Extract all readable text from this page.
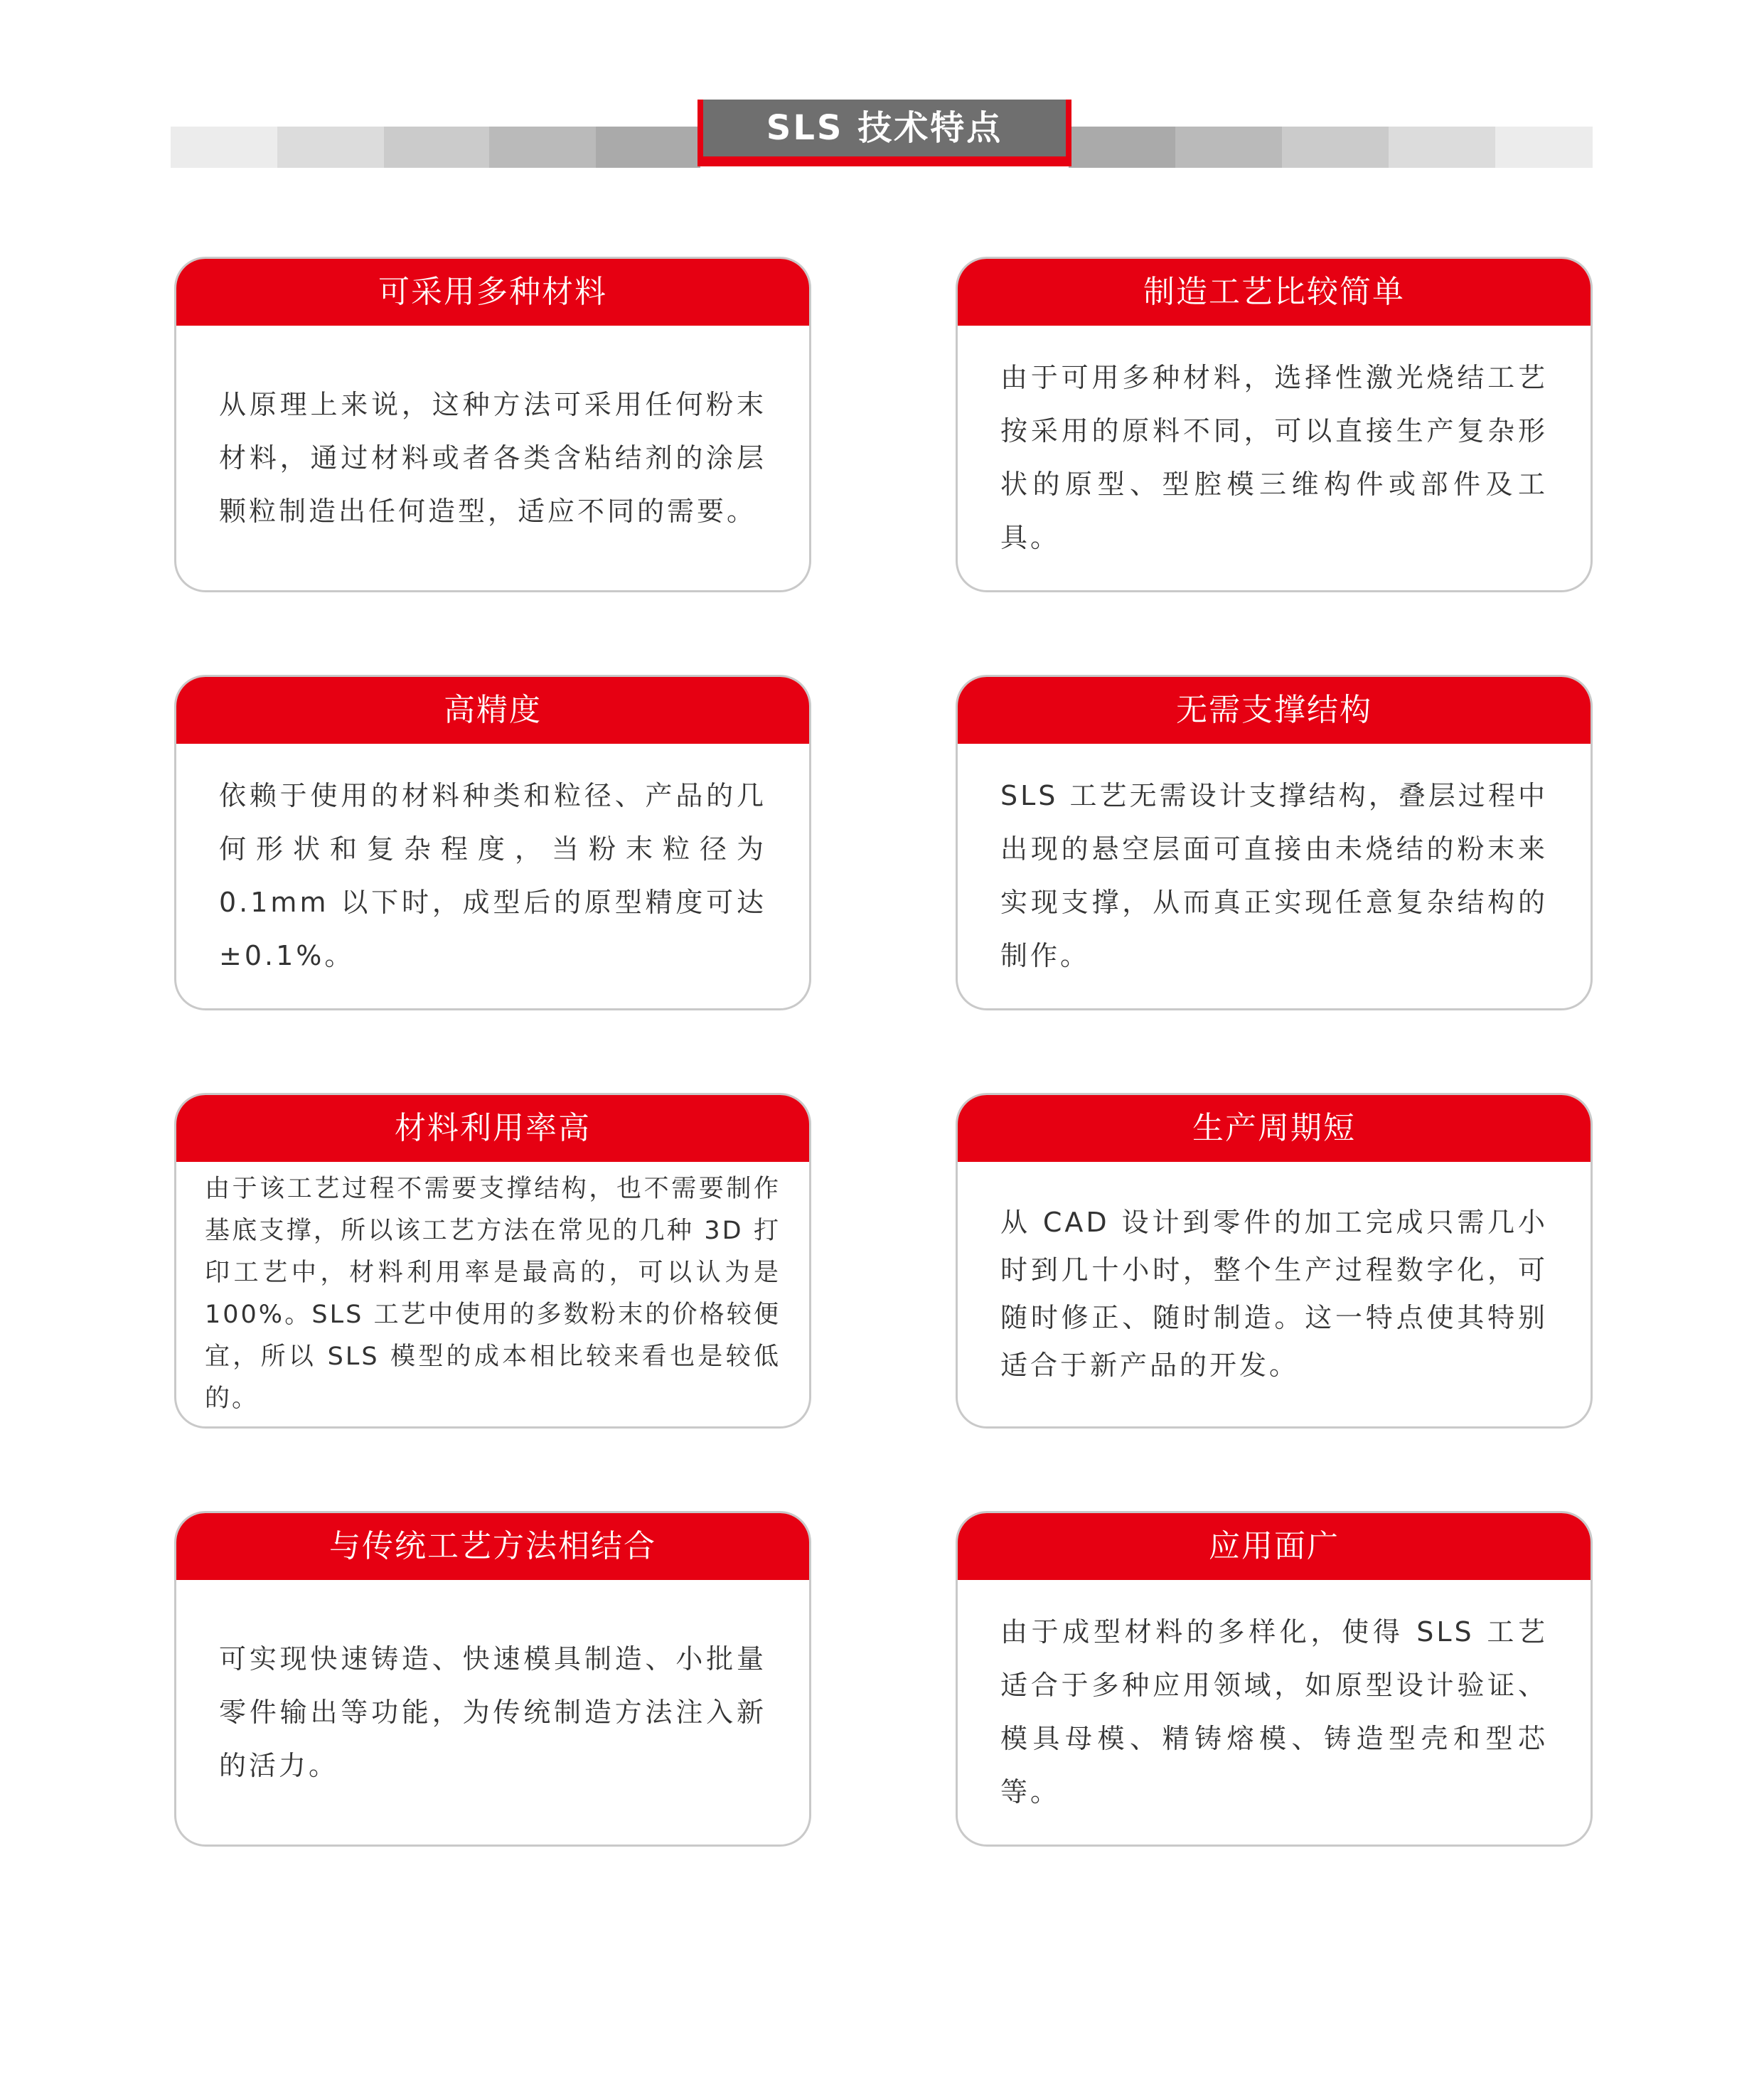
SLS 技术特点
可采用多种材料

从原理上来说，这种方法可采用任何粉末材料，通过材料或者各类含粘结剂的涂层颗粒制造出任何造型，适应不同的需要。

制造工艺比较简单

由于可用多种材料，选择性激光烧结工艺按采用的原料不同，可以直接生产复杂形状的原型、型腔模三维构件或部件及工具。

高精度

依赖于使用的材料种类和粒径、产品的几何形状和复杂程度，当粉末粒径为 0.1mm 以下时，成型后的原型精度可达 ±0.1%。

无需支撑结构

SLS 工艺无需设计支撑结构，叠层过程中出现的悬空层面可直接由未烧结的粉末来实现支撑，从而真正实现任意复杂结构的制作。

材料利用率高

由于该工艺过程不需要支撑结构，也不需要制作基底支撑，所以该工艺方法在常见的几种 3D 打印工艺中，材料利用率是最高的，可以认为是 100%。SLS 工艺中使用的多数粉末的价格较便宜，所以 SLS 模型的成本相比较来看也是较低的。

生产周期短

从 CAD 设计到零件的加工完成只需几小时到几十小时，整个生产过程数字化，可随时修正、随时制造。这一特点使其特别适合于新产品的开发。

与传统工艺方法相结合

可实现快速铸造、快速模具制造、小批量零件输出等功能，为传统制造方法注入新的活力。

应用面广

由于成型材料的多样化，使得 SLS 工艺适合于多种应用领域，如原型设计验证、模具母模、精铸熔模、铸造型壳和型芯等。
